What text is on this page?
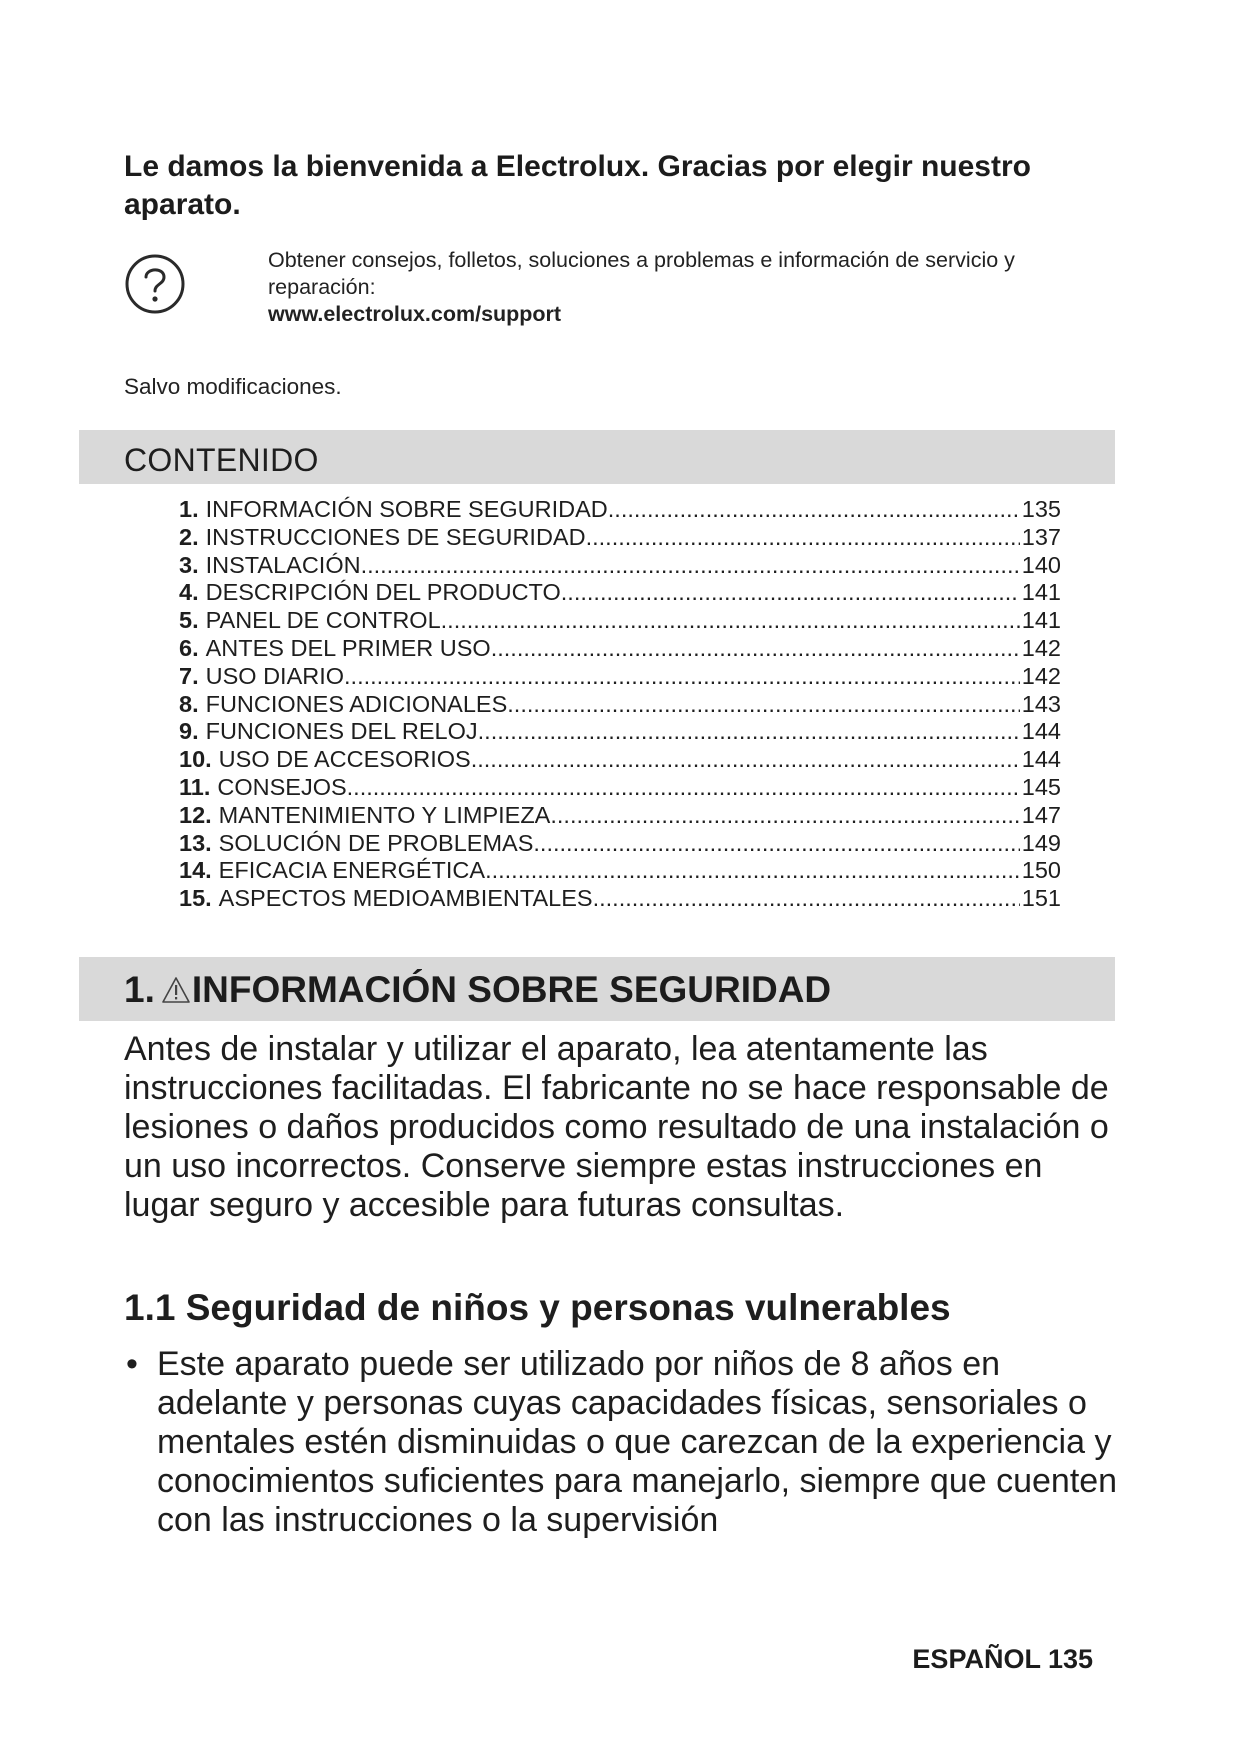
Le damos la bienvenida a Electrolux. Gracias por elegir nuestro aparato.
Obtener consejos, folletos, soluciones a problemas e información de servicio y reparación:
www.electrolux.com/support
Salvo modificaciones.
CONTENIDO
1. INFORMACIÓN SOBRE SEGURIDAD .....	135
2. INSTRUCCIONES DE SEGURIDAD .....	137
3. INSTALACIÓN .....	140
4. DESCRIPCIÓN DEL PRODUCTO .....	141
5. PANEL DE CONTROL .....	141
6. ANTES DEL PRIMER USO .....	142
7. USO DIARIO .....	142
8. FUNCIONES ADICIONALES .....	143
9. FUNCIONES DEL RELOJ .....	144
10. USO DE ACCESORIOS .....	144
11. CONSEJOS .....	145
12. MANTENIMIENTO Y LIMPIEZA .....	147
13. SOLUCIÓN DE PROBLEMAS .....	149
14. EFICACIA ENERGÉTICA .....	150
15. ASPECTOS MEDIOAMBIENTALES .....	151
1. INFORMACIÓN SOBRE SEGURIDAD
Antes de instalar y utilizar el aparato, lea atentamente las instrucciones facilitadas. El fabricante no se hace responsable de lesiones o daños producidos como resultado de una instalación o un uso incorrectos. Conserve siempre estas instrucciones en lugar seguro y accesible para futuras consultas.
1.1 Seguridad de niños y personas vulnerables
• Este aparato puede ser utilizado por niños de 8 años en adelante y personas cuyas capacidades físicas, sensoriales o mentales estén disminuidas o que carezcan de la experiencia y conocimientos suficientes para manejarlo, siempre que cuenten con las instrucciones o la supervisión
ESPAÑOL 135
